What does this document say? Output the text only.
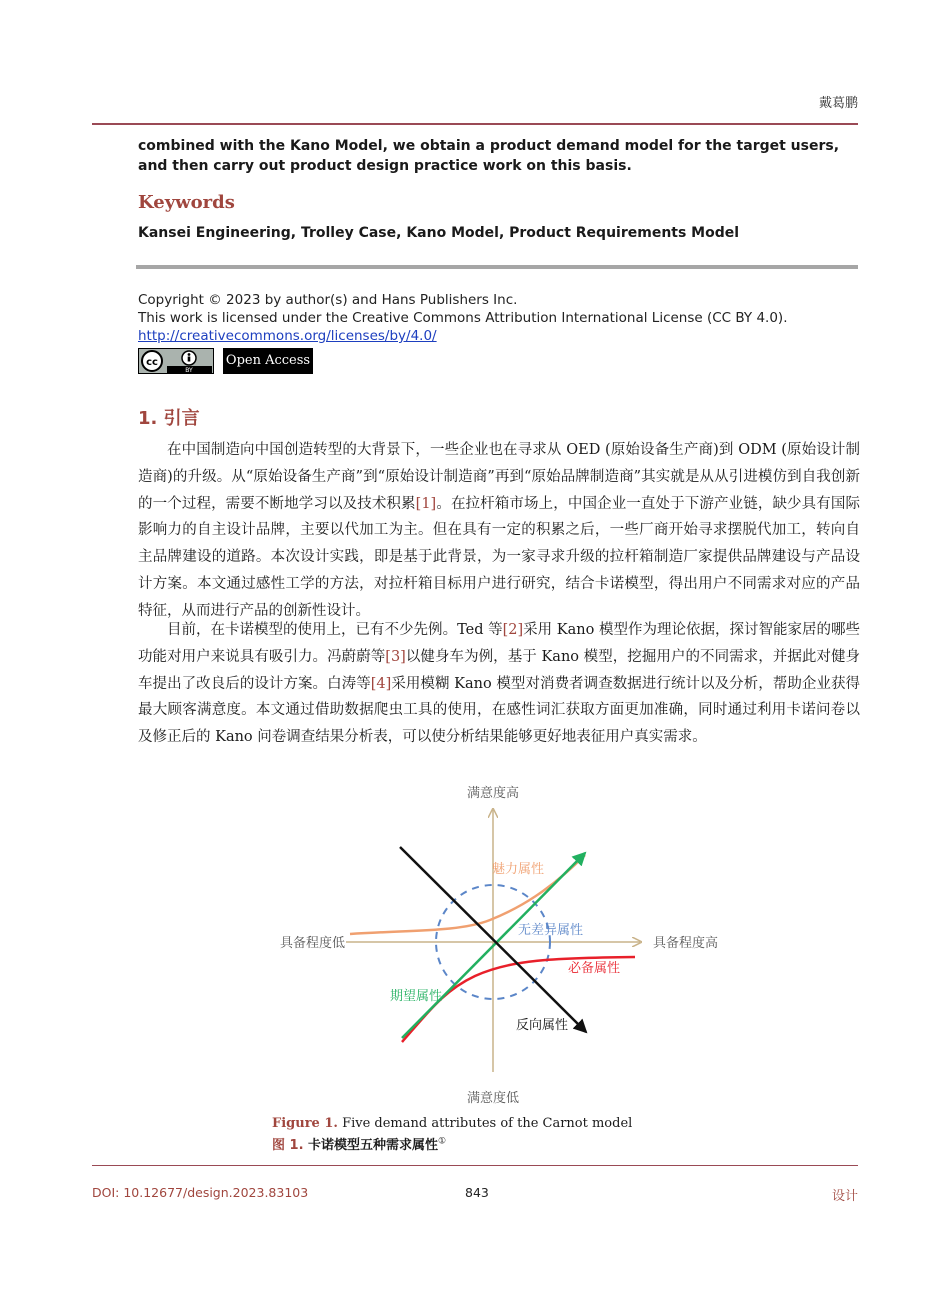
戴葛鹏
combined with the Kano Model, we obtain a product demand model for the target users, and then carry out product design practice work on this basis.
Keywords
Kansei Engineering, Trolley Case, Kano Model, Product Requirements Model
Copyright © 2023 by author(s) and Hans Publishers Inc.
This work is licensed under the Creative Commons Attribution International License (CC BY 4.0).
http://creativecommons.org/licenses/by/4.0/
cc
BY
Open Access
1. 引言

在中国制造向中国创造转型的大背景下，一些企业也在寻求从 OED (原始设备生产商)到 ODM (原始设计制造商)的升级。从“原始设备生产商”到“原始设计制造商”再到“原始品牌制造商”其实就是从从引进模仿到自我创新的一个过程，需要不断地学习以及技术积累[1]。在拉杆箱市场上，中国企业一直处于下游产业链，缺少具有国际影响力的自主设计品牌，主要以代加工为主。但在具有一定的积累之后，一些厂商开始寻求摆脱代加工，转向自主品牌建设的道路。本次设计实践，即是基于此背景，为一家寻求升级的拉杆箱制造厂家提供品牌建设与产品设计方案。本文通过感性工学的方法，对拉杆箱目标用户进行研究，结合卡诺模型，得出用户不同需求对应的产品特征，从而进行产品的创新性设计。

目前，在卡诺模型的使用上，已有不少先例。Ted 等[2]采用 Kano 模型作为理论依据，探讨智能家居的哪些功能对用户来说具有吸引力。冯蔚蔚等[3]以健身车为例，基于 Kano 模型，挖掘用户的不同需求，并据此对健身车提出了改良后的设计方案。白涛等[4]采用模糊 Kano 模型对消费者调查数据进行统计以及分析，帮助企业获得最大顾客满意度。本文通过借助数据爬虫工具的使用，在感性词汇获取方面更加准确，同时通过利用卡诺问卷以及修正后的 Kano 问卷调查结果分析表，可以使分析结果能够更好地表征用户真实需求。

满意度高
满意度低
具备程度低	具备程度高
魅力属性
无差异属性
必备属性
期望属性
反向属性
Figure 1. Five demand attributes of the Carnot model
图 1. 卡诺模型五种需求属性①
DOI: 10.12677/design.2023.83103	843	设计
